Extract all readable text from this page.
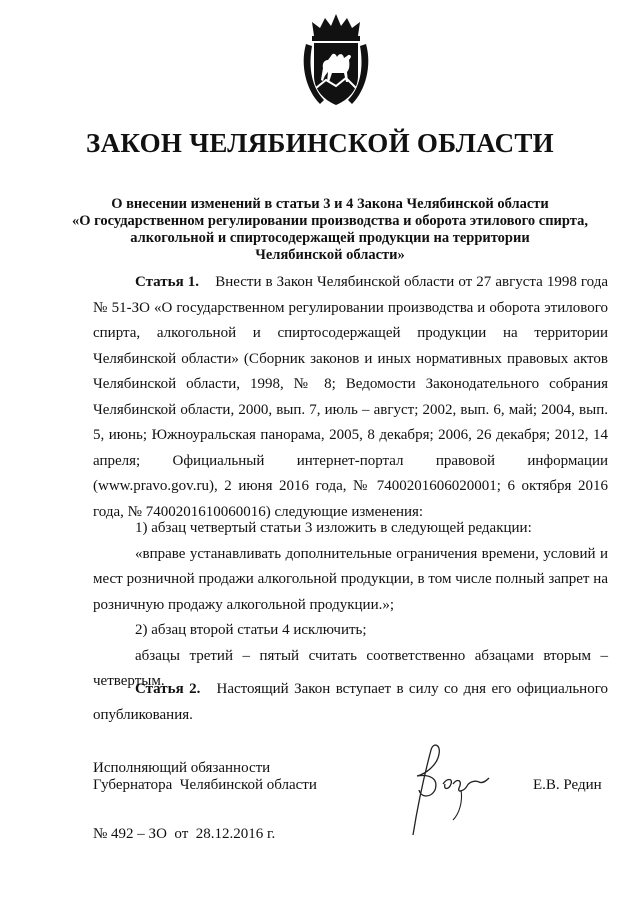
ЗАКОН ЧЕЛЯБИНСКОЙ ОБЛАСТИ
О внесении изменений в статьи 3 и 4 Закона Челябинской области
«О государственном регулировании производства и оборота этилового спирта,
алкогольной и спиртосодержащей продукции на территории
Челябинской области»

Статья 1. Внести в Закон Челябинской области от 27 августа 1998 года № 51-ЗО «О государственном регулировании производства и оборота этилового спирта, алкогольной и спиртосодержащей продукции на территории Челябинской области» (Сборник законов и иных нормативных правовых актов Челябинской области, 1998, № 8; Ведомости Законодательного собрания Челябинской области, 2000, вып. 7, июль – август; 2002, вып. 6, май; 2004, вып. 5, июнь; Южноуральская панорама, 2005, 8 декабря; 2006, 26 декабря; 2012, 14 апреля; Официальный интернет-портал правовой информации (www.pravo.gov.ru), 2 июня 2016 года, № 7400201606020001; 6 октября 2016 года, № 7400201610060016) следующие изменения:

1) абзац четвертый статьи 3 изложить в следующей редакции:

«вправе устанавливать дополнительные ограничения времени, условий и мест розничной продажи алкогольной продукции, в том числе полный запрет на розничную продажу алкогольной продукции.»;

2) абзац второй статьи 4 исключить;

абзацы третий – пятый считать соответственно абзацами вторым – четвертым.

Статья 2. Настоящий Закон вступает в силу со дня его официального опубликования.

Исполняющий обязанности
Губернатора  Челябинской области	Е.В. Редин
№ 492 – ЗО  от  28.12.2016 г.
